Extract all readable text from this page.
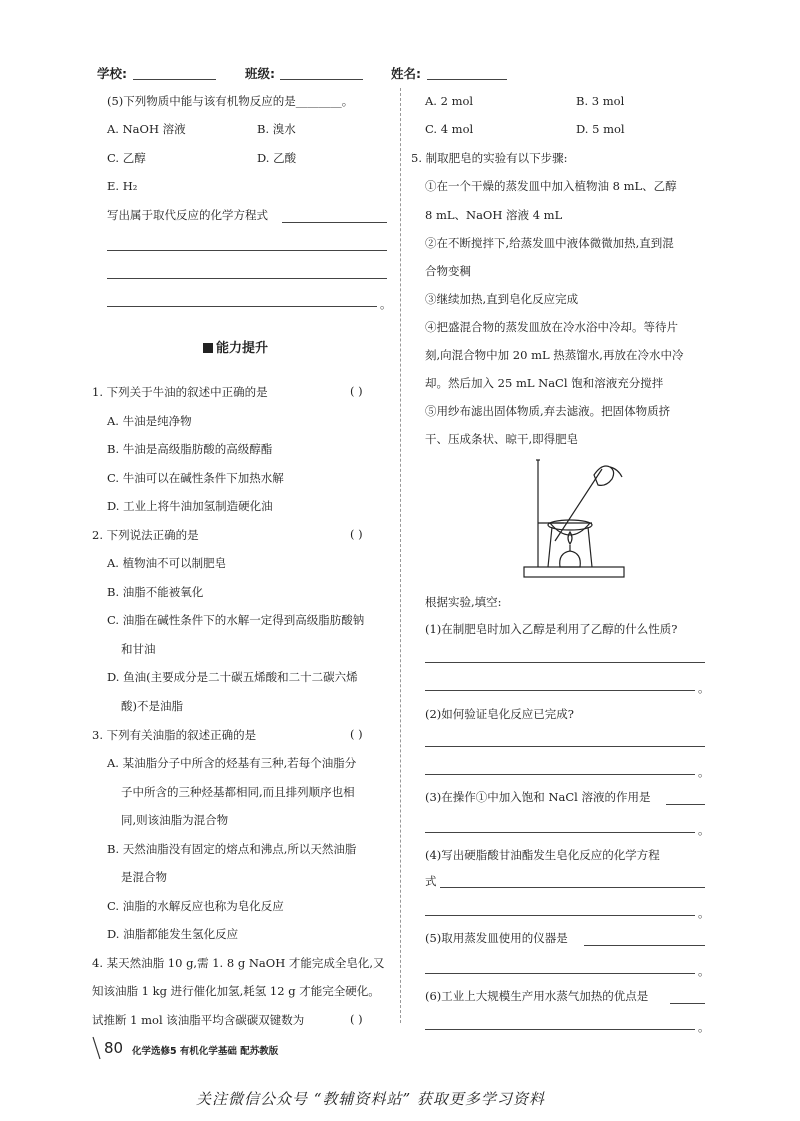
学校:	班级:	姓名:
(5)下列物质中能与该有机物反应的是________。
A. NaOH 溶液	B. 溴水
C. 乙醇	D. 乙酸
E. H₂
写出属于取代反应的化学方程式
。
能力提升
1. 下列关于牛油的叙述中正确的是	( )
A. 牛油是纯净物
B. 牛油是高级脂肪酸的高级醇酯
C. 牛油可以在碱性条件下加热水解
D. 工业上将牛油加氢制造硬化油
2. 下列说法正确的是	( )
A. 植物油不可以制肥皂
B. 油脂不能被氧化
C. 油脂在碱性条件下的水解一定得到高级脂肪酸钠
和甘油
D. 鱼油(主要成分是二十碳五烯酸和二十二碳六烯
酸)不是油脂
3. 下列有关油脂的叙述正确的是	( )
A. 某油脂分子中所含的烃基有三种,若每个油脂分
子中所含的三种烃基都相同,而且排列顺序也相
同,则该油脂为混合物
B. 天然油脂没有固定的熔点和沸点,所以天然油脂
是混合物
C. 油脂的水解反应也称为皂化反应
D. 油脂都能发生氢化反应
4. 某天然油脂 10 g,需 1. 8 g NaOH 才能完成全皂化,又
知该油脂 1 kg 进行催化加氢,耗氢 12 g 才能完全硬化。
试推断 1 mol 该油脂平均含碳碳双键数为	( )
A. 2 mol	B. 3 mol
C. 4 mol	D. 5 mol
5. 制取肥皂的实验有以下步骤:
①在一个干燥的蒸发皿中加入植物油 8 mL、乙醇
8 mL、NaOH 溶液 4 mL
②在不断搅拌下,给蒸发皿中液体微微加热,直到混
合物变稠
③继续加热,直到皂化反应完成
④把盛混合物的蒸发皿放在冷水浴中冷却。等待片
刻,向混合物中加 20 mL 热蒸馏水,再放在冷水中冷
却。然后加入 25 mL NaCl 饱和溶液充分搅拌
⑤用纱布滤出固体物质,弃去滤液。把固体物质挤
干、压成条状、晾干,即得肥皂
根据实验,填空:
(1)在制肥皂时加入乙醇是利用了乙醇的什么性质?
。
(2)如何验证皂化反应已完成?
。
(3)在操作①中加入饱和 NaCl 溶液的作用是
。
(4)写出硬脂酸甘油酯发生皂化反应的化学方程
式
。
(5)取用蒸发皿使用的仪器是
。
(6)工业上大规模生产用水蒸气加热的优点是
。
80 化学选修5 有机化学基础 配苏教版
关注微信公众号 “教辅资料站” 获取更多学习资料
